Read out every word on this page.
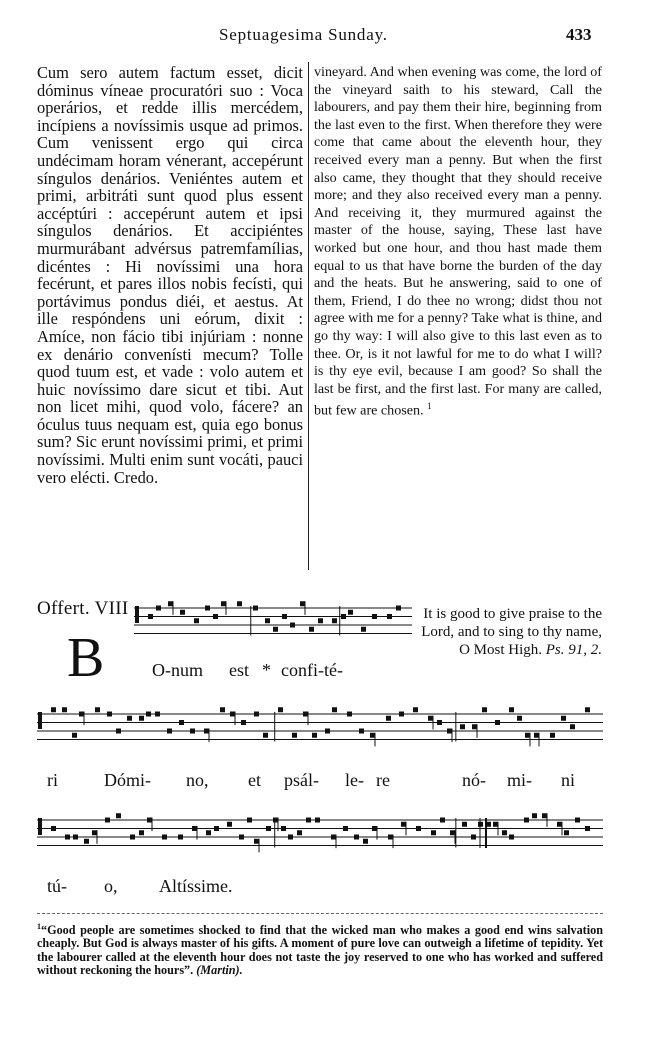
Septuagesima Sunday.	433

Cum sero autem factum esset, dicit dóminus víneae procuratóri suo : Voca operários, et redde illis mercédem, incípiens a novíssimis usque ad primos. Cum venissent ergo qui circa undécimam horam vénerant, accepérunt síngulos denários. Veniéntes autem et primi, arbitráti sunt quod plus essent accéptúri : accepérunt autem et ipsi síngulos denários. Et accipiéntes murmurábant advérsus patremfamílias, dicéntes : Hi novíssimi una hora fecérunt, et pares illos nobis fecísti, qui portávimus pondus diéi, et aestus. At ille respóndens uni eórum, dixit : Amíce, non fácio tibi injúriam : nonne ex denário convenísti mecum? Tolle quod tuum est, et vade : volo autem et huic novíssimo dare sicut et tibi. Aut non licet mihi, quod volo, fácere? an óculus tuus nequam est, quia ego bonus sum? Sic erunt novíssimi primi, et primi novíssimi. Multi enim sunt vocáti, pauci vero elécti. Credo.

vineyard. And when evening was come, the lord of the vineyard saith to his steward, Call the labourers, and pay them their hire, beginning from the last even to the first. When therefore they were come that came about the eleventh hour, they received every man a penny. But when the first also came, they thought that they should receive more; and they also received every man a penny. And receiving it, they murmured against the master of the house, saying, These last have worked but one hour, and thou hast made them equal to us that have borne the burden of the day and the heats. But he answering, said to one of them, Friend, I do thee no wrong; didst thou not agree with me for a penny? Take what is thine, and go thy way: I will also give to this last even as to thee. Or, is it not lawful for me to do what I will? is thy eye evil, because I am good? So shall the last be first, and the first last. For many are called, but few are chosen. $^1$

Offert. VIII
B
It is good to give praise to the Lord, and to sing to thy name, O Most High. Ps. 91, 2.
O-num est * confi-té-
ri	Dómi- no, et psál- le- re	nó- mi- ni
tú- o, Altíssime.
$^1$“Good people are sometimes shocked to find that the wicked man who makes a good end wins salvation cheaply. But God is always master of his gifts. A moment of pure love can outweigh a lifetime of tepidity. Yet the labourer called at the eleventh hour does not taste the joy reserved to one who has worked and suffered without reckoning the hours”. (Martin).
